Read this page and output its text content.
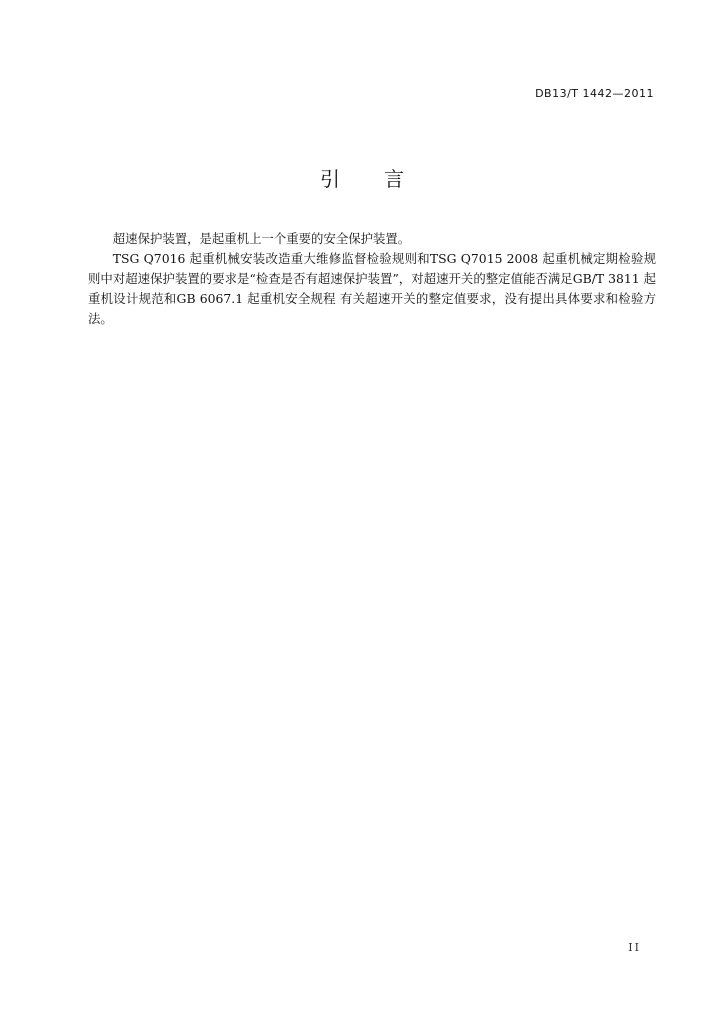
DB13/T 1442—2011
引言

超速保护装置，是起重机上一个重要的安全保护装置。

TSG Q7016 起重机械安装改造重大维修监督检验规则和TSG Q7015 2008 起重机械定期检验规则中对超速保护装置的要求是“检查是否有超速保护装置”，对超速开关的整定值能否满足GB/T 3811 起重机设计规范和GB 6067.1 起重机安全规程 有关超速开关的整定值要求，没有提出具体要求和检验方法。

II
